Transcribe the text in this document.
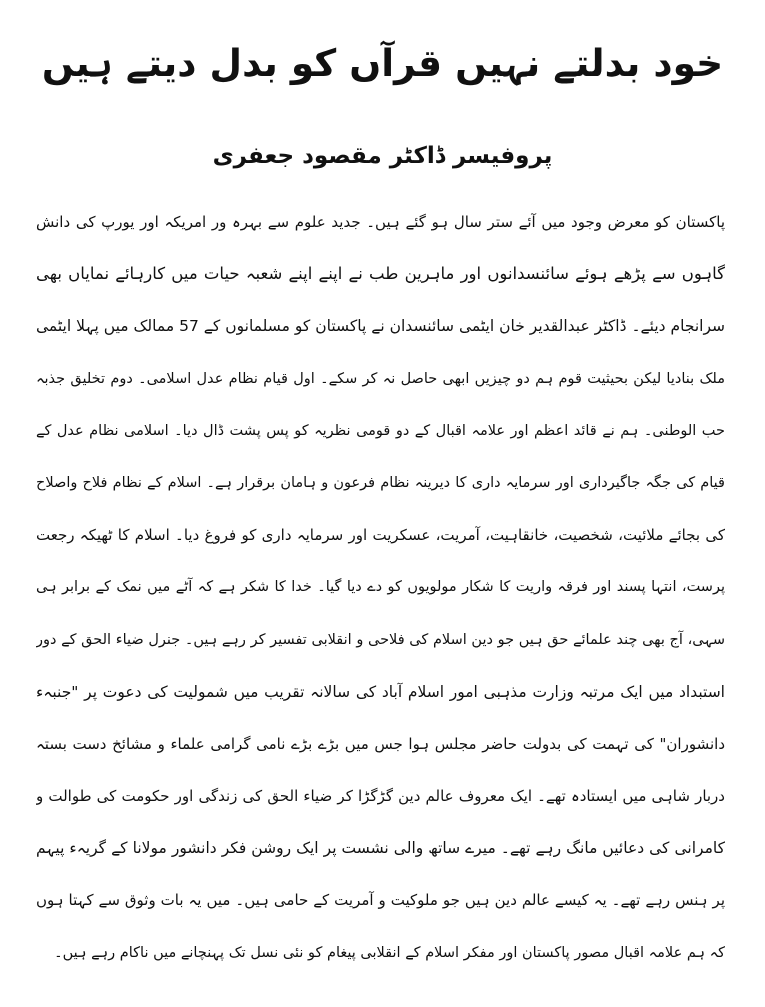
خود بدلتے نہیں قرآں کو بدل دیتے ہیں
پروفیسر ڈاکٹر مقصود جعفری
پاکستان کو معرض وجود میں آئے ستر سال ہو گئے ہیں۔ جدید علوم سے بہرہ ور امریکہ اور یورپ کی دانش
گاہوں سے پڑھے ہوئے سائنسدانوں اور ماہرین طب نے اپنے اپنے شعبہ حیات میں کارہائے نمایاں بھی
سرانجام دیئے۔ ڈاکٹر عبدالقدیر خان ایٹمی سائنسدان نے پاکستان کو مسلمانوں کے 57 ممالک میں پہلا ایٹمی
ملک بنادیا لیکن بحیثیت قوم ہم دو چیزیں ابھی حاصل نہ کر سکے۔ اول قیام نظام عدل اسلامی۔ دوم تخلیق جذبہ
حب الوطنی۔ ہم نے قائد اعظم اور علامہ اقبال کے دو قومی نظریہ کو پس پشت ڈال دیا۔ اسلامی نظام عدل کے
قیام کی جگہ جاگیرداری اور سرمایہ داری کا دیرینہ نظام فرعون و ہامان برقرار ہے۔ اسلام کے نظام فلاح واصلاح
کی بجائے ملائیت، شخصیت، خانقاہیت، آمریت، عسکریت اور سرمایہ داری کو فروغ دیا۔ اسلام کا ٹھیکہ رجعت
پرست، انتہا پسند اور فرقہ واریت کا شکار مولویوں کو دے دیا گیا۔ خدا کا شکر ہے کہ آٹے میں نمک کے برابر ہی
سہی، آج بھی چند علمائے حق ہیں جو دین اسلام کی فلاحی و انقلابی تفسیر کر رہے ہیں۔ جنرل ضیاء الحق کے دور
استبداد میں ایک مرتبہ وزارت مذہبی امور اسلام آباد کی سالانہ تقریب میں شمولیت کی دعوت پر "جنبہء
دانشوران" کی تہمت کی بدولت حاضر مجلس ہوا جس میں بڑے بڑے نامی گرامی علماء و مشائخ دست بستہ
دربار شاہی میں ایستادہ تھے۔ ایک معروف عالم دین گڑگڑا کر ضیاء الحق کی زندگی اور حکومت کی طوالت و
کامرانی کی دعائیں مانگ رہے تھے۔ میرے ساتھ والی نشست پر ایک روشن فکر دانشور مولانا کے گریہء پیہم
پر ہنس رہے تھے۔ یہ کیسے عالم دین ہیں جو ملوکیت و آمریت کے حامی ہیں۔ میں یہ بات وثوق سے کہتا ہوں
کہ ہم علامہ اقبال مصور پاکستان اور مفکر اسلام کے انقلابی پیغام کو نئی نسل تک پہنچانے میں ناکام رہے ہیں۔
